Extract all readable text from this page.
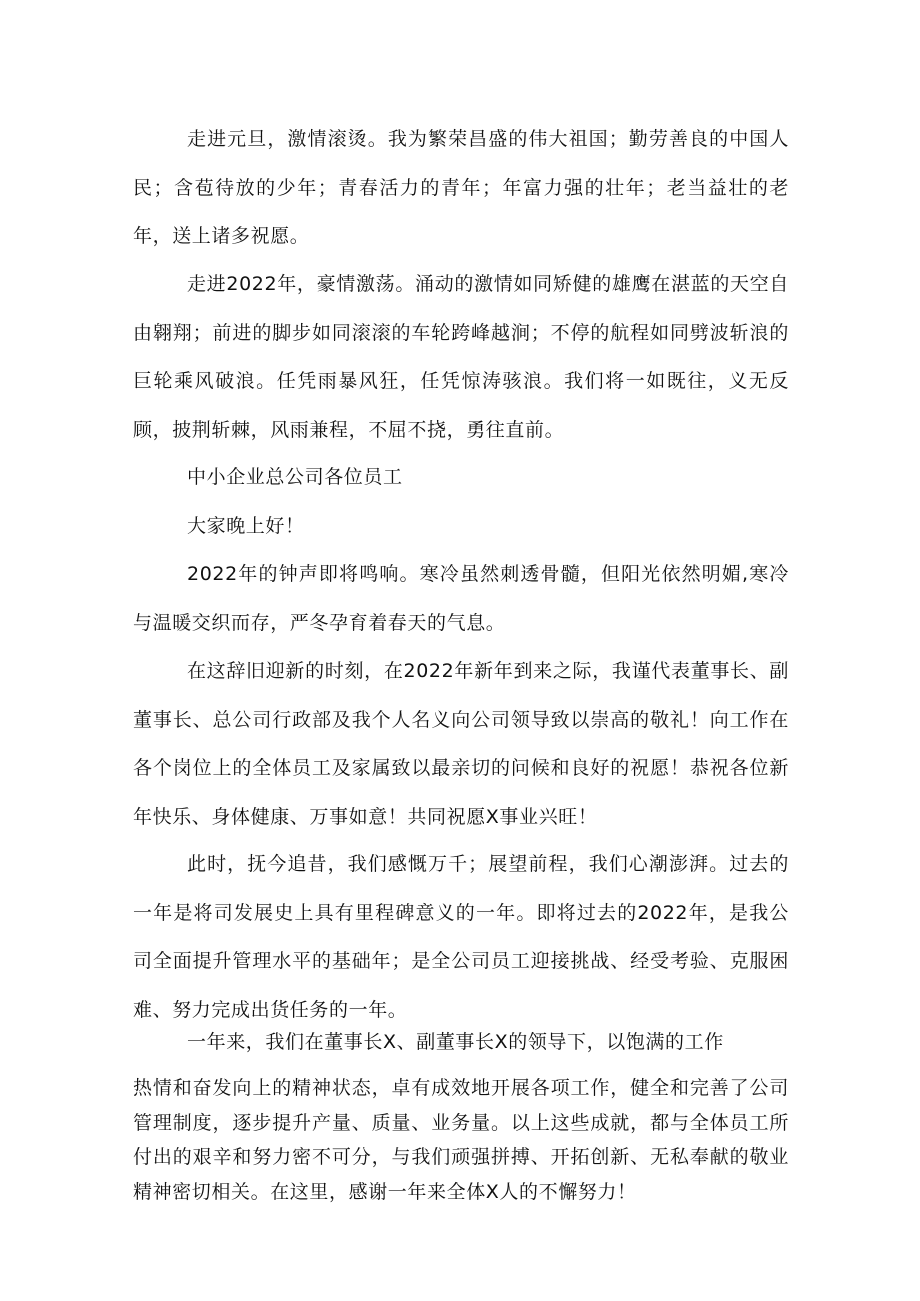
走进元旦，激情滚烫。我为繁荣昌盛的伟大祖国；勤劳善良的中国人民；含苞待放的少年；青春活力的青年；年富力强的壮年；老当益壮的老年，送上诸多祝愿。

走进2022年，豪情激荡。涌动的激情如同矫健的雄鹰在湛蓝的天空自由翱翔；前进的脚步如同滚滚的车轮跨峰越涧；不停的航程如同劈波斩浪的巨轮乘风破浪。任凭雨暴风狂，任凭惊涛骇浪。我们将一如既往，义无反顾，披荆斩棘，风雨兼程，不屈不挠，勇往直前。

中小企业总公司各位员工

大家晚上好！

2022年的钟声即将鸣响。寒冷虽然刺透骨髓，但阳光依然明媚,寒冷与温暖交织而存，严冬孕育着春天的气息。

在这辞旧迎新的时刻，在2022年新年到来之际，我谨代表董事长、副董事长、总公司行政部及我个人名义向公司领导致以崇高的敬礼！向工作在各个岗位上的全体员工及家属致以最亲切的问候和良好的祝愿！恭祝各位新年快乐、身体健康、万事如意！共同祝愿X事业兴旺！

此时，抚今追昔，我们感慨万千；展望前程，我们心潮澎湃。过去的一年是将司发展史上具有里程碑意义的一年。即将过去的2022年，是我公司全面提升管理水平的基础年；是全公司员工迎接挑战、经受考验、克服困难、努力完成出货任务的一年。

一年来，我们在董事长X、副董事长X的领导下，以饱满的工作

热情和奋发向上的精神状态，卓有成效地开展各项工作，健全和完善了公司管理制度，逐步提升产量、质量、业务量。以上这些成就，都与全体员工所付出的艰辛和努力密不可分，与我们顽强拼搏、开拓创新、无私奉献的敬业精神密切相关。在这里，感谢一年来全体X人的不懈努力！
